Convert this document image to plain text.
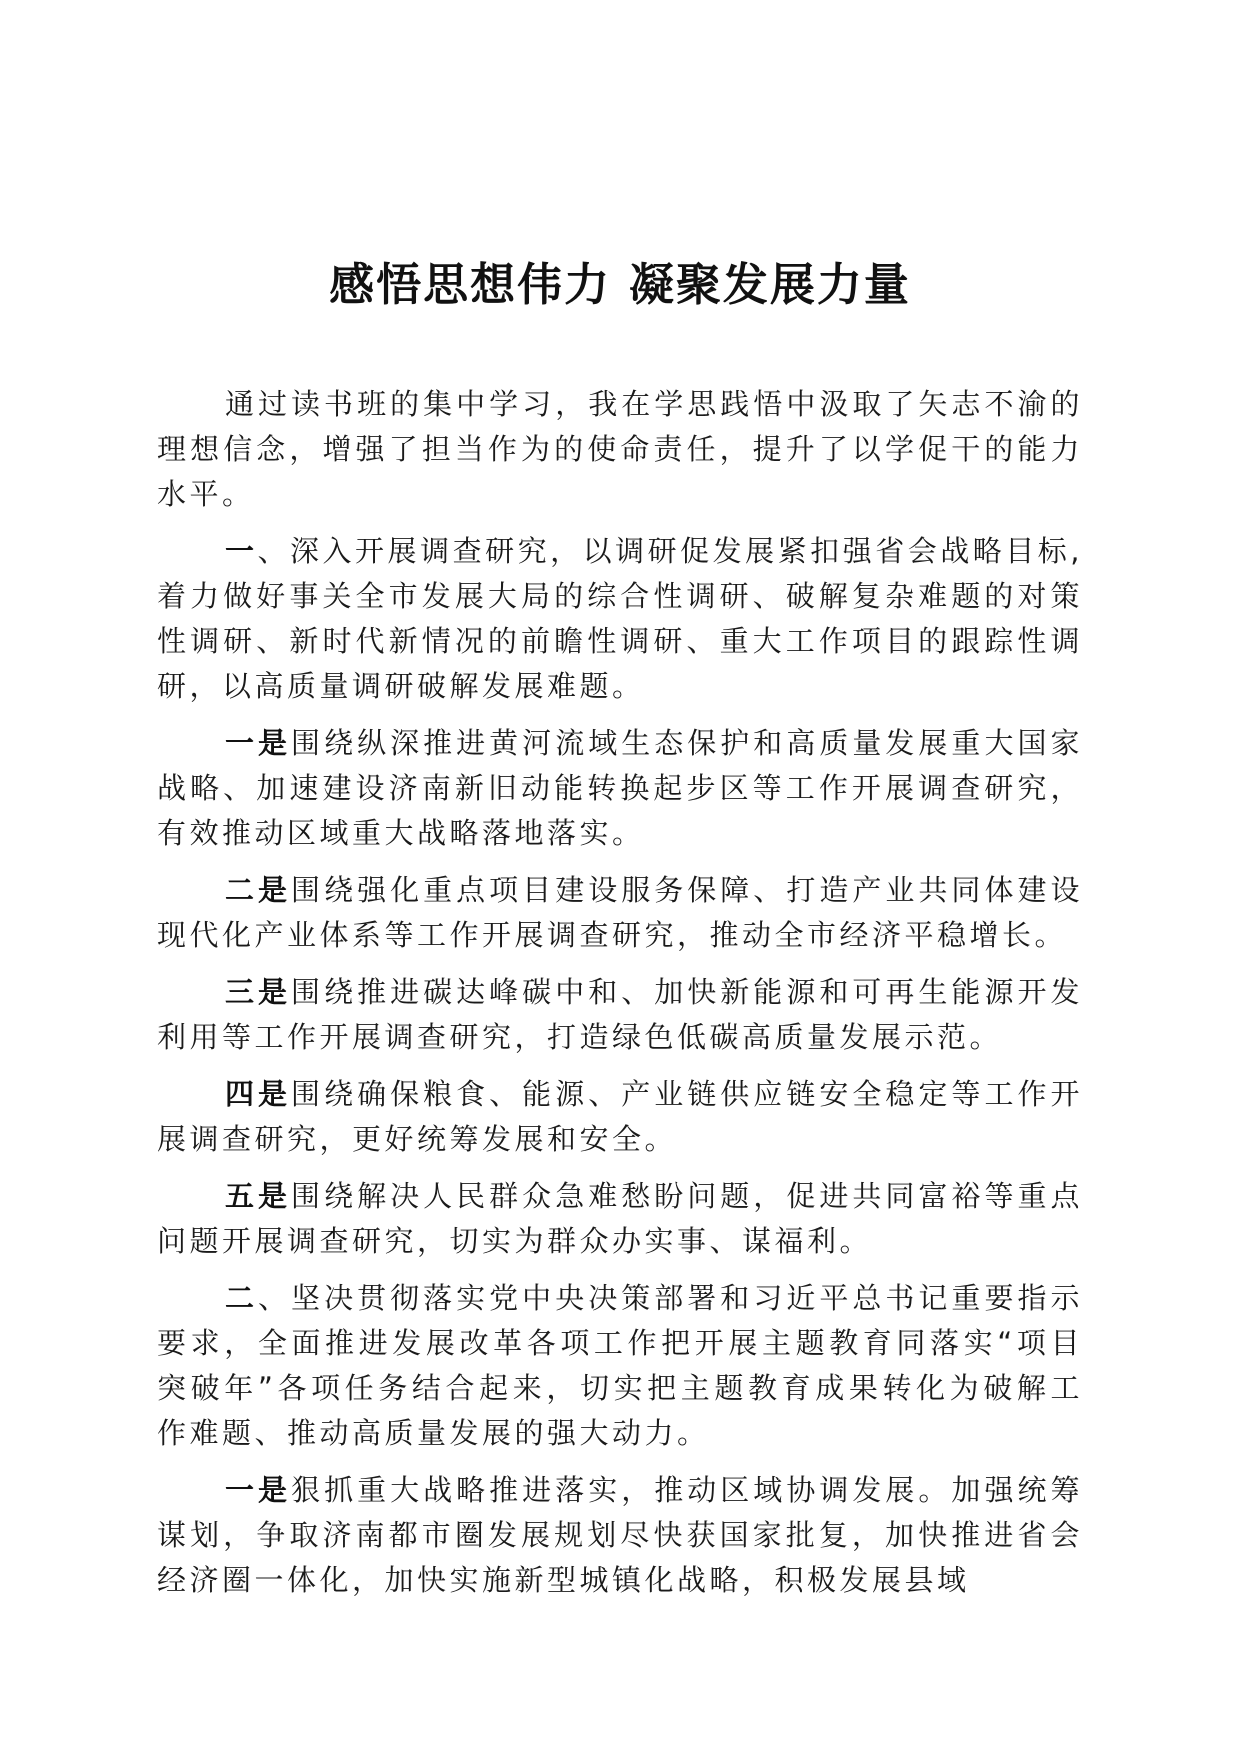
感悟思想伟力 凝聚发展力量

通过读书班的集中学习，我在学思践悟中汲取了矢志不渝的理想信念，增强了担当作为的使命责任，提升了以学促干的能力水平。

一、深入开展调查研究，以调研促发展紧扣强省会战略目标,着力做好事关全市发展大局的综合性调研、破解复杂难题的对策性调研、新时代新情况的前瞻性调研、重大工作项目的跟踪性调研，以高质量调研破解发展难题。

一是围绕纵深推进黄河流域生态保护和高质量发展重大国家战略、加速建设济南新旧动能转换起步区等工作开展调查研究，有效推动区域重大战略落地落实。

二是围绕强化重点项目建设服务保障、打造产业共同体建设现代化产业体系等工作开展调查研究，推动全市经济平稳增长。

三是围绕推进碳达峰碳中和、加快新能源和可再生能源开发利用等工作开展调查研究，打造绿色低碳高质量发展示范。

四是围绕确保粮食、能源、产业链供应链安全稳定等工作开展调查研究，更好统筹发展和安全。

五是围绕解决人民群众急难愁盼问题，促进共同富裕等重点问题开展调查研究，切实为群众办实事、谋福利。

二、坚决贯彻落实党中央决策部署和习近平总书记重要指示要求，全面推进发展改革各项工作把开展主题教育同落实“项目突破年”各项任务结合起来，切实把主题教育成果转化为破解工作难题、推动高质量发展的强大动力。

一是狠抓重大战略推进落实，推动区域协调发展。加强统筹谋划，争取济南都市圈发展规划尽快获国家批复，加快推进省会经济圈一体化，加快实施新型城镇化战略，积极发展县域
